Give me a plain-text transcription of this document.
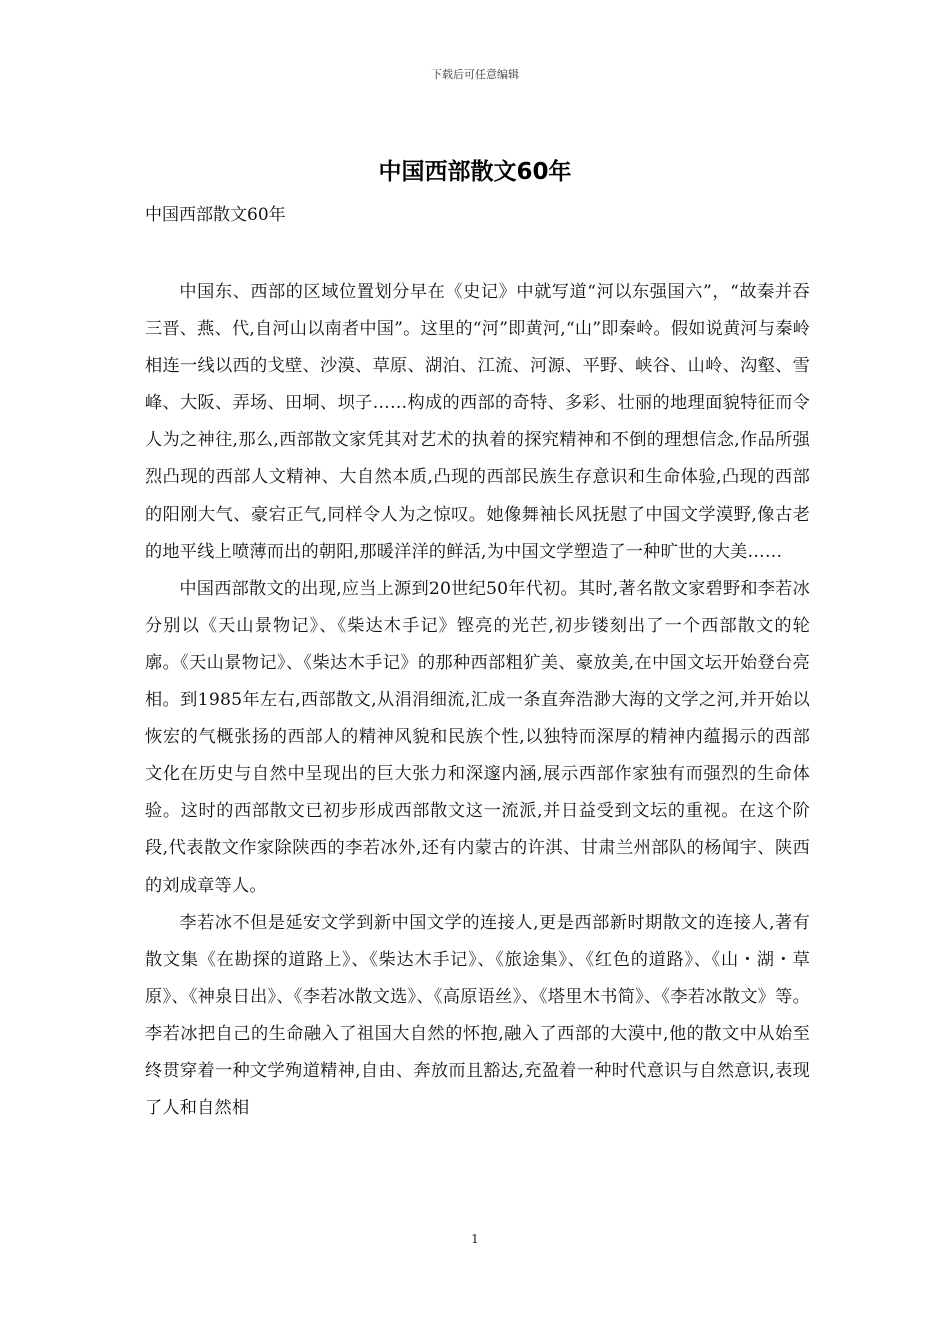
下载后可任意编辑
中国西部散文60年
中国西部散文60年

中国东、西部的区域位置划分早在《史记》中就写道“河以东强国六”，“故秦并吞三晋、燕、代,自河山以南者中国”。这里的“河”即黄河,“山”即秦岭。假如说黄河与秦岭相连一线以西的戈壁、沙漠、草原、湖泊、江流、河源、平野、峡谷、山岭、沟壑、雪峰、大阪、弄场、田垌、坝子……构成的西部的奇特、多彩、壮丽的地理面貌特征而令人为之神往,那么,西部散文家凭其对艺术的执着的探究精神和不倒的理想信念,作品所强烈凸现的西部人文精神、大自然本质,凸现的西部民族生存意识和生命体验,凸现的西部的阳刚大气、豪宕正气,同样令人为之惊叹。她像舞袖长风抚慰了中国文学漠野,像古老的地平线上喷薄而出的朝阳,那暖洋洋的鲜活,为中国文学塑造了一种旷世的大美……

中国西部散文的出现,应当上源到20世纪50年代初。其时,著名散文家碧野和李若冰分别以《天山景物记》、《柴达木手记》铿亮的光芒,初步镂刻出了一个西部散文的轮廓。《天山景物记》、《柴达木手记》的那种西部粗犷美、豪放美,在中国文坛开始登台亮相。到1985年左右,西部散文,从涓涓细流,汇成一条直奔浩渺大海的文学之河,并开始以恢宏的气概张扬的西部人的精神风貌和民族个性,以独特而深厚的精神内蕴揭示的西部文化在历史与自然中呈现出的巨大张力和深邃内涵,展示西部作家独有而强烈的生命体验。这时的西部散文已初步形成西部散文这一流派,并日益受到文坛的重视。在这个阶段,代表散文作家除陕西的李若冰外,还有内蒙古的许淇、甘肃兰州部队的杨闻宇、陕西的刘成章等人。

李若冰不但是延安文学到新中国文学的连接人,更是西部新时期散文的连接人,著有散文集《在勘探的道路上》、《柴达木手记》、《旅途集》、《红色的道路》、《山・湖・草原》、《神泉日出》、《李若冰散文选》、《高原语丝》、《塔里木书简》、《李若冰散文》等。李若冰把自己的生命融入了祖国大自然的怀抱,融入了西部的大漠中,他的散文中从始至终贯穿着一种文学殉道精神,自由、奔放而且豁达,充盈着一种时代意识与自然意识,表现了人和自然相

1
